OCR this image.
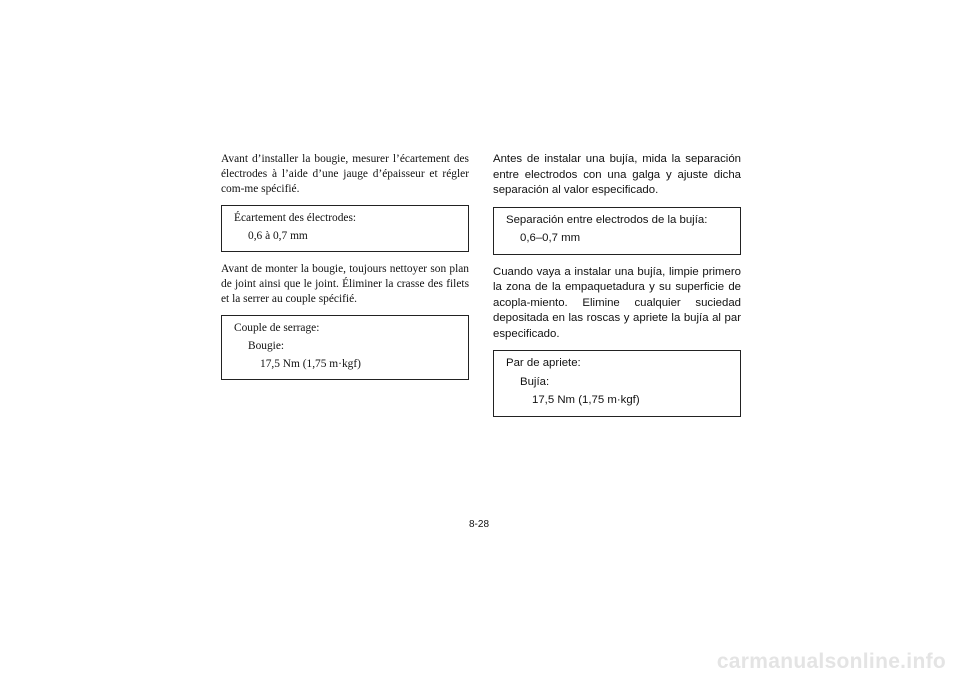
Avant d’installer la bougie, mesurer l’écartement des électrodes à l’aide d’une jauge d’épaisseur et régler com-me spécifié.

Écartement des électrodes:
0,6 à 0,7 mm

Avant de monter la bougie, toujours nettoyer son plan de joint ainsi que le joint. Éliminer la crasse des filets et la serrer au couple spécifié.

Couple de serrage:
Bougie:
17,5 Nm (1,75 m·kgf)

Antes de instalar una bujía, mida la separación entre electrodos con una galga y ajuste dicha separación al valor especificado.

Separación entre electrodos de la bujía:
0,6–0,7 mm

Cuando vaya a instalar una bujía, limpie primero la zona de la empaquetadura y su superficie de acopla-miento. Elimine cualquier suciedad depositada en las roscas y apriete la bujía al par especificado.

Par de apriete:
Bujía:
17,5 Nm (1,75 m·kgf)
8-28
carmanualsonline.info
